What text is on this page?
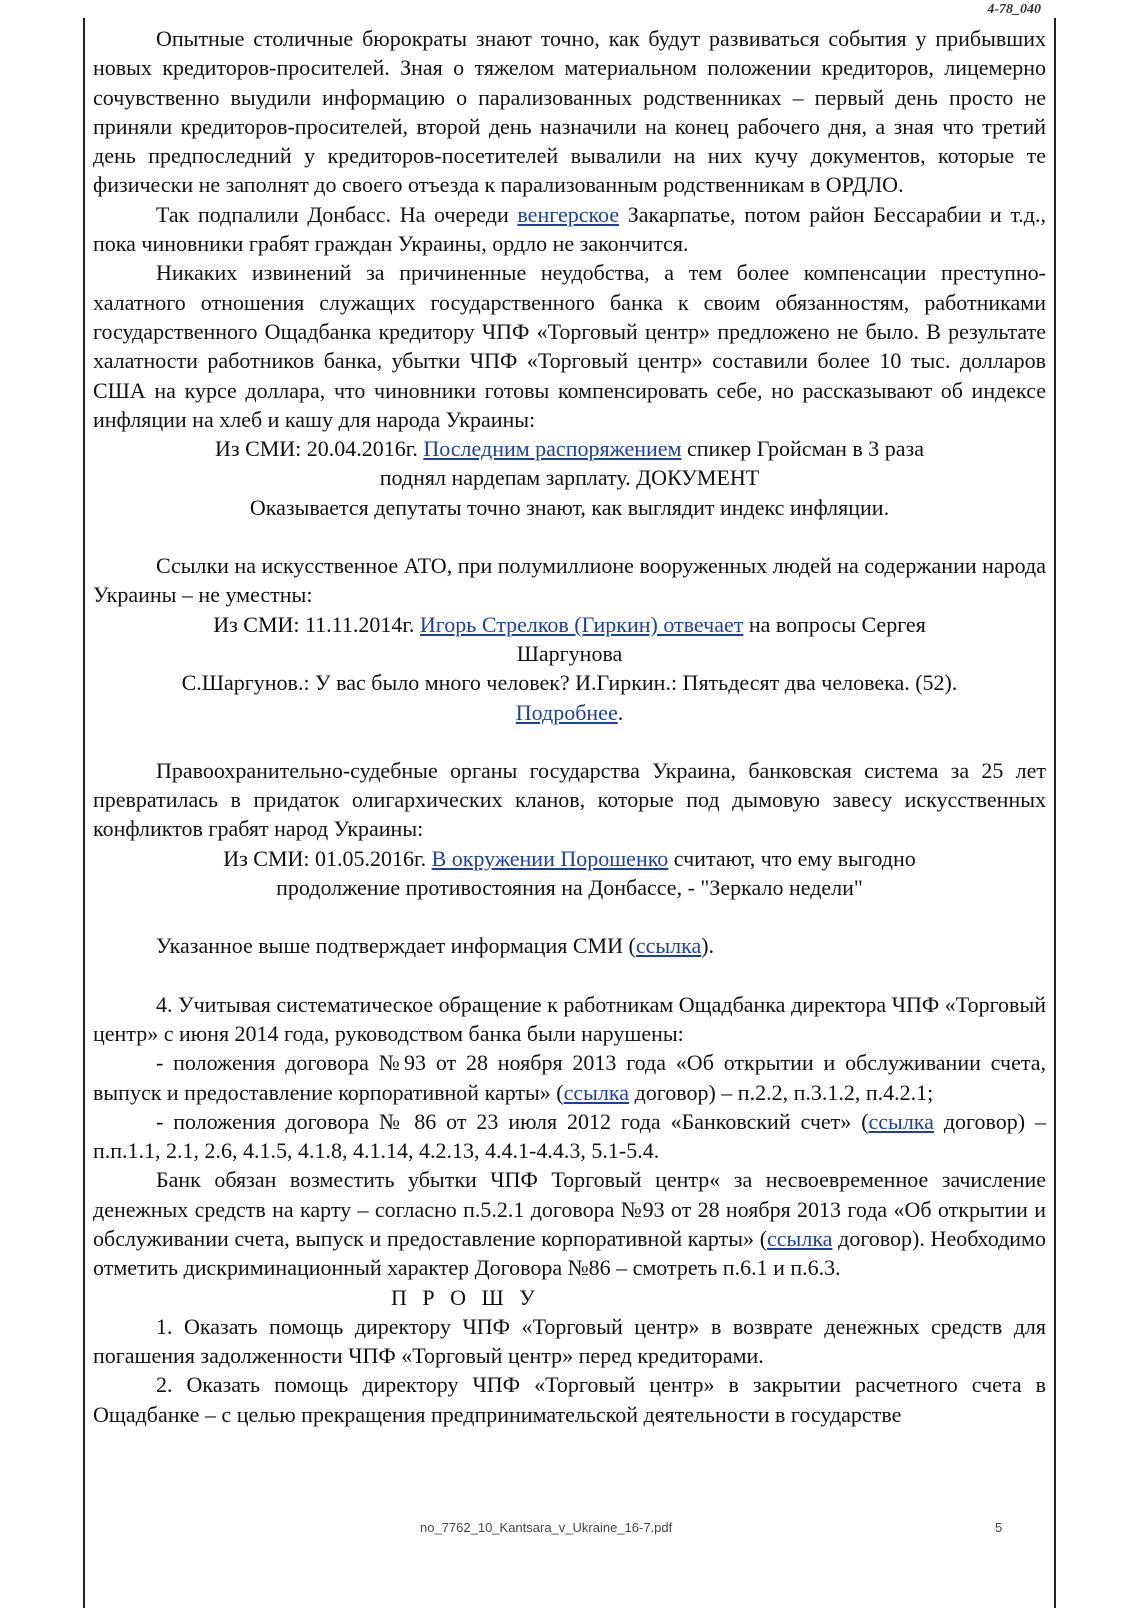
4-78_040

Опытные столичные бюрократы знают точно, как будут развиваться события у прибывших новых кредиторов-просителей. Зная о тяжелом материальном положении кредиторов, лицемерно сочувственно выудили информацию о парализованных родственниках – первый день просто не приняли кредиторов-просителей, второй день назначили на конец рабочего дня, а зная что третий день предпоследний у кредиторов-посетителей вывалили на них кучу документов, которые те физически не заполнят до своего отъезда к парализованным родственникам в ОРДЛО.

Так подпалили Донбасс. На очереди венгерское Закарпатье, потом район Бессарабии и т.д., пока чиновники грабят граждан Украины, ордло не закончится.

Никаких извинений за причиненные неудобства, а тем более компенсации преступно-халатного отношения служащих государственного банка к своим обязанностям, работниками государственного Ощадбанка кредитору ЧПФ «Торговый центр» предложено не было. В результате халатности работников банка, убытки ЧПФ «Торговый центр» составили более 10 тыс. долларов США на курсе доллара, что чиновники готовы компенсировать себе, но рассказывают об индексе инфляции на хлеб и кашу для народа Украины:

Из СМИ: 20.04.2016г. Последним распоряжением спикер Гройсман в 3 раза
поднял нардепам зарплату. ДОКУМЕНТ
Оказывается депутаты точно знают, как выглядит индекс инфляции.

Ссылки на искусственное АТО, при полумиллионе вооруженных людей на содержании народа Украины – не уместны:

Из СМИ: 11.11.2014г. Игорь Стрелков (Гиркин) отвечает на вопросы Сергея
Шаргунова
С.Шаргунов.: У вас было много человек? И.Гиркин.: Пятьдесят два человека. (52).
Подробнее.

Правоохранительно-судебные органы государства Украина, банковская система за 25 лет превратилась в придаток олигархических кланов, которые под дымовую завесу искусственных конфликтов грабят народ Украины:

Из СМИ: 01.05.2016г. В окружении Порошенко считают, что ему выгодно
продолжение противостояния на Донбассе, - "Зеркало недели"

Указанное выше подтверждает информация СМИ (ссылка).

4. Учитывая систематическое обращение к работникам Ощадбанка директора ЧПФ «Торговый центр» с июня 2014 года, руководством банка были нарушены:

- положения договора №93 от 28 ноября 2013 года «Об открытии и обслуживании счета, выпуск и предоставление корпоративной карты» (ссылка договор) – п.2.2, п.3.1.2, п.4.2.1;

- положения договора № 86 от 23 июля 2012 года «Банковский счет» (ссылка договор) – п.п.1.1, 2.1, 2.6, 4.1.5, 4.1.8, 4.1.14, 4.2.13, 4.4.1-4.4.3, 5.1-5.4.

Банк обязан возместить убытки ЧПФ Торговый центр« за несвоевременное зачисление денежных средств на карту – согласно п.5.2.1 договора №93 от 28 ноября 2013 года «Об открытии и обслуживании счета, выпуск и предоставление корпоративной карты» (ссылка договор). Необходимо отметить дискриминационный характер Договора №86 – смотреть п.6.1 и п.6.3.

П Р О Ш У

1. Оказать помощь директору ЧПФ «Торговый центр» в возврате денежных средств для погашения задолженности ЧПФ «Торговый центр» перед кредиторами.

2. Оказать помощь директору ЧПФ «Торговый центр» в закрытии расчетного счета в Ощадбанке – с целью прекращения предпринимательской деятельности в государстве

no_7762_10_Kantsara_v_Ukraine_16-7.pdf	5
